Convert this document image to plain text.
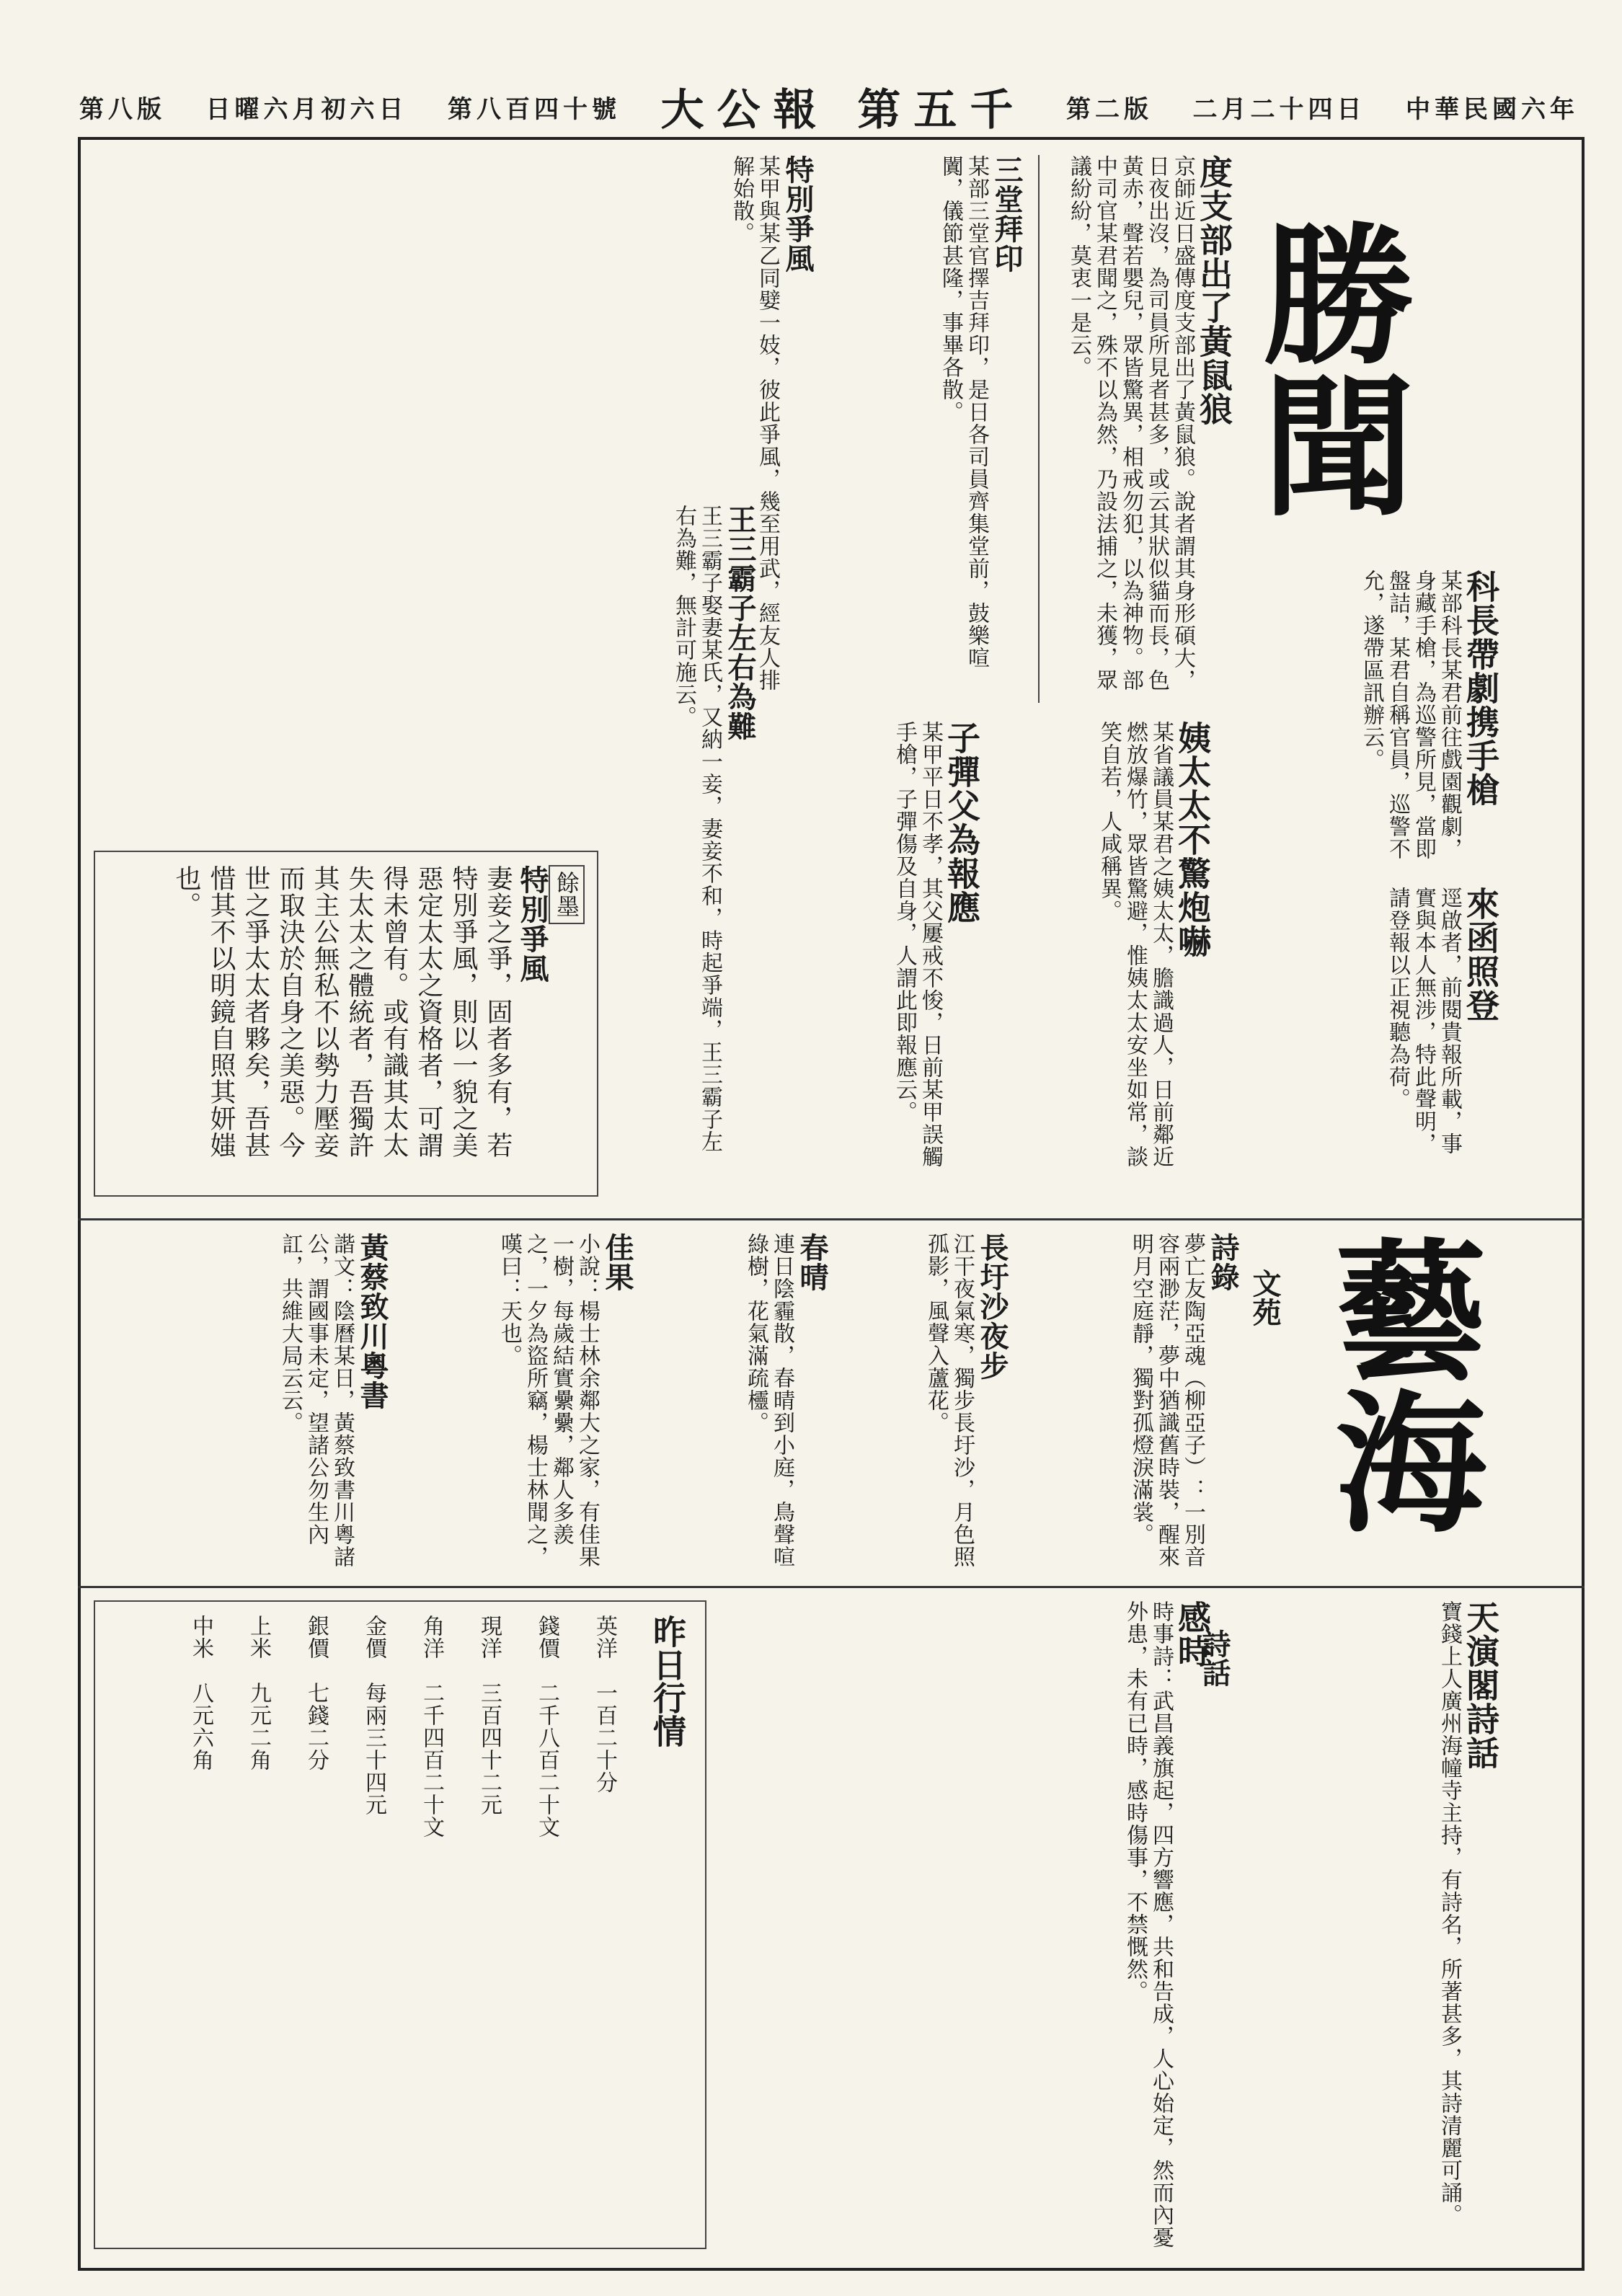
中華民國六年
二月二十四日
第二版
大公報 第五千
第八百四十號
日曜六月初六日
第八版
勝聞
度支部出了黃鼠狼
京師近日盛傳度支部出了黃鼠狼。說者謂其身形碩大，日夜出沒，為司員所見者甚多，或云其狀似貓而長，色黃赤，聲若嬰兒，眾皆驚異，相戒勿犯，以為神物。部中司官某君聞之，殊不以為然，乃設法捕之，未獲，眾議紛紛，莫衷一是云。
三堂拜印
某部三堂官擇吉拜印，是日各司員齊集堂前，鼓樂喧闐，儀節甚隆，事畢各散。
特別爭風
某甲與某乙同嬖一妓，彼此爭風，幾至用武，經友人排解始散。
科長帶劇携手槍
某部科長某君前往戲園觀劇，身藏手槍，為巡警所見，當即盤詰，某君自稱官員，巡警不允，遂帶區訊辦云。
姨太太不驚炮嚇
某省議員某君之姨太太，膽識過人，日前鄰近燃放爆竹，眾皆驚避，惟姨太太安坐如常，談笑自若，人咸稱異。
子彈父為報應
某甲平日不孝，其父屢戒不悛，日前某甲誤觸手槍，子彈傷及自身，人謂此即報應云。
王三霸子左右為難
王三霸子娶妻某氏，又納一妾，妻妾不和，時起爭端，王三霸子左右為難，無計可施云。
來函照登
逕啟者，前閱貴報所載，事實與本人無涉，特此聲明，請登報以正視聽為荷。
餘墨
特別爭風
妻妾之爭，固者多有，若特別爭風，則以一貌之美惡定太太之資格者，可謂得未曾有。或有識其太太失太太之體統者，吾獨許其主公無私不以勢力壓妾而取決於自身之美惡。今世之爭太太者夥矣，吾甚惜其不以明鏡自照其妍媸也。
藝海
文苑
詩話
詩錄
夢亡友陶亞魂（柳亞子）：一別音容兩渺茫，夢中猶識舊時裝，醒來明月空庭靜，獨對孤燈淚滿裳。
長圩沙夜步
江干夜氣寒，獨步長圩沙，月色照孤影，風聲入蘆花。
春晴
連日陰霾散，春晴到小庭，鳥聲喧綠樹，花氣滿疏欞。
佳果
小說：楊士林余鄰大之家，有佳果一樹，每歲結實纍纍，鄰人多羨之，一夕為盜所竊，楊士林聞之，嘆曰：天也。
黃蔡致川粵書
諧文：陰曆某日，黃蔡致書川粵諸公，謂國事未定，望諸公勿生內訌，共維大局云云。
天演閣詩話
寶錢上人廣州海幢寺主持，有詩名，所著甚多，其詩清麗可誦。
感時
時事詩：武昌義旗起，四方響應，共和告成，人心始定，然而內憂外患，未有已時，感時傷事，不禁慨然。
昨日行情
英洋　一百二十分
錢價　二千八百二十文
現洋　三百四十二元
角洋　二千四百二十文
金價　每兩三十四元
銀價　七錢二分
上米　九元二角
中米　八元六角
